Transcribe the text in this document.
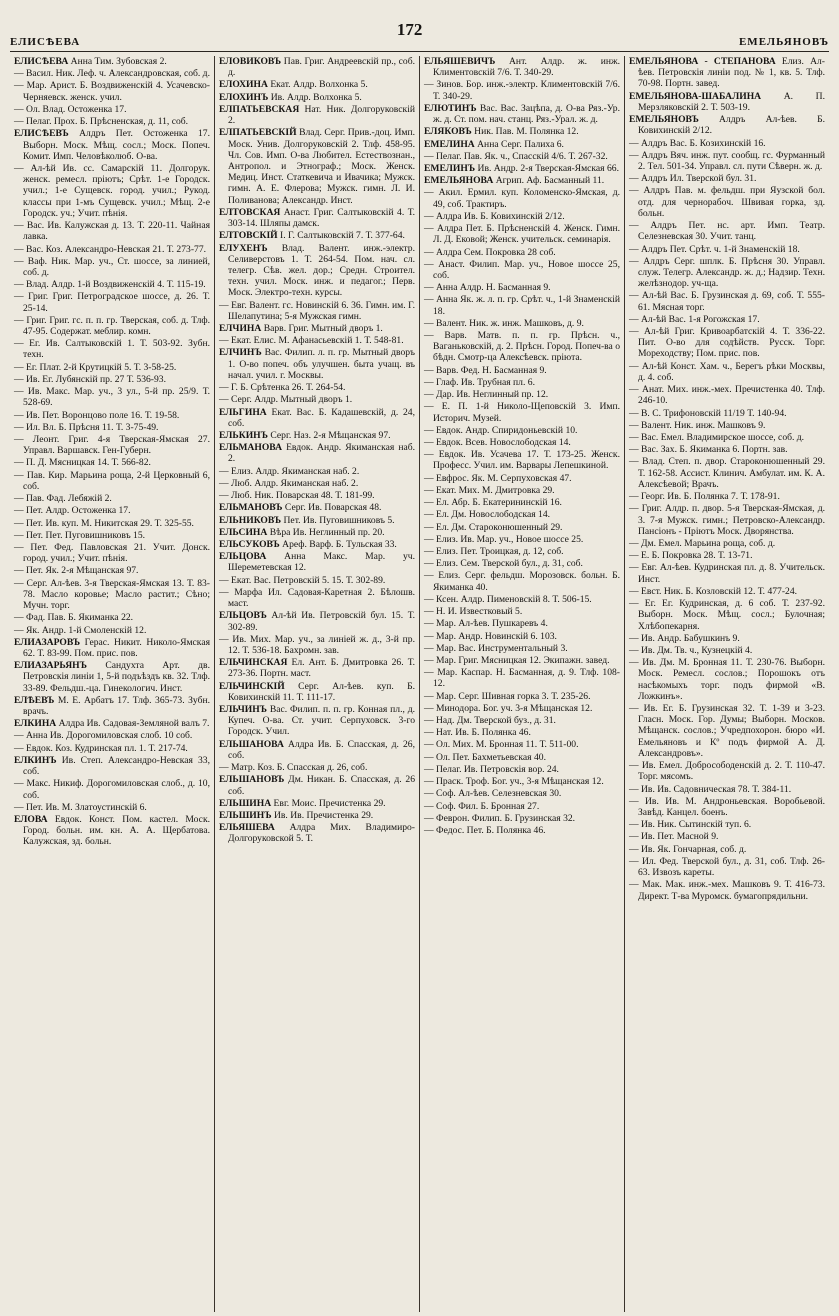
ЕЛИСѢЕВА
172
ЕМЕЛЬЯНОВЪ

ЕЛИСѢЕВА Анна Тим. Зубовская 2.

— Васил. Ник. Леф. ч. Александровская, соб. д.

— Мар. Арист. Б. Воздвиженскій 4. Усачевско-Черняевск. женск. учил.

— Ол. Влад. Остоженка 17.

— Пелаг. Прох. Б. Прѣсненская, д. 11, соб.

ЕЛИСѢЕВЪ Алдръ Пет. Остоженка 17. Выборн. Моск. Мѣщ. сосл.; Моск. Попеч. Комит. Имп. Человѣколюб. О-ва.

— Ал-ѣй Ив. сс. Самарскій 11. Долгорук. женск. ремесл. пріютъ; Срѣт. 1-е Городск. учил.; 1-е Сущевск. город. учил.; Рукод. классы при 1-мъ Сущевск. учил.; Мѣщ. 2-е Городск. уч.; Учит. пѣнія.

— Вас. Ив. Калужская д. 13. Т. 220-11. Чайная лавка.

— Вас. Коз. Александро-Невская 21. Т. 273-77.

— Ваф. Ник. Мар. уч., Ст. шоссе, за линией, соб. д.

— Влад. Алдр. 1-й Воздвиженскій 4. Т. 115-19.

— Григ. Григ. Петроградское шоссе, д. 26. Т. 25-14.

— Григ. Григ. гс. п. п. гр. Тверская, соб. д. Тлф. 47-95. Содержат. меблир. комн.

— Ег. Ив. Салтыковскій 1. Т. 503-92. Зубн. техн.

— Ег. Плат. 2-й Крутицкій 5. Т. 3-58-25.

— Ив. Ег. Лубянскій пр. 27 Т. 536-93.

— Ив. Макс. Мар. уч., 3 ул., 5-й пр. 25/9. Т. 528-69.

— Ив. Пет. Воронцово поле 16. Т. 19-58.

— Ил. Вл. Б. Прѣсня 11. Т. 3-75-49.

— Леонт. Григ. 4-я Тверская-Ямская 27. Управл. Варшавск. Ген-Губерн.

— П. Д. Мясницкая 14. Т. 566-82.

— Пав. Кир. Марьина роща, 2-й Церковный 6, соб.

— Пав. Фад. Лебяжій 2.

— Пет. Алдр. Остоженка 17.

— Пет. Ив. куп. М. Никитская 29. Т. 325-55.

— Пет. Пет. Пуговишниковъ 15.

— Пет. Фед. Павловская 21. Учит. Донск. город. учил.; Учит. пѣнія.

— Пет. Як. 2-я Мѣщанская 97.

— Серг. Ал-ѣев. 3-я Тверская-Ямская 13. Т. 83-78. Масло коровье; Масло растит.; Сѣно; Мучн. торг.

— Фад. Пав. Б. Якиманка 22.

— Як. Андр. 1-й Смоленскій 12.

ЕЛИАЗАРОВЪ Герас. Никит. Николо-Ямская 62. Т. 83-99. Пом. прис. пов.

ЕЛИАЗАРЬЯНЪ Сандухта Арт. дв. Петровскія линіи 1, 5-й подъѣздъ кв. 32. Тлф. 33-89. Фельдш.-ца. Гинекологич. Инст.

ЕЛѢЕВЪ М. Е. Арбатъ 17. Тлф. 365-73. Зубн. врачъ.

ЕЛКИНА Алдра Ив. Садовая-Земляной валъ 7.

— Анна Ив. Дорогомиловская слоб. 10 соб.

— Евдок. Коз. Кудринская пл. 1. Т. 217-74.

ЕЛКИНЪ Ив. Степ. Александро-Невская 33, соб.

— Макс. Никиф. Дорогомиловская слоб., д. 10, соб.

— Пет. Ив. М. Златоустинскій 6.

ЕЛОВА Евдок. Конст. Пом. кастел. Моск. Город. больн. им. кн. А. А. Щербатова. Калужская, зд. больн.

ЕЛОВИКОВЪ Пав. Григ. Андреевскій пр., соб. д.

ЕЛОХИНА Екат. Алдр. Волхонка 5.

ЕЛОХИНЪ Ив. Алдр. Волхонка 5.

ЕЛПАТЬЕВСКАЯ Нат. Ник. Долгоруковскій 2.

ЕЛПАТЬЕВСКІЙ Влад. Серг. Прив.-доц. Имп. Моск. Унив. Долгоруковскій 2. Тлф. 458-95. Чл. Сов. Имп. О-ва Любител. Естествознан., Антропол. и Этнограф.; Моск. Женск. Медиц. Инст. Статкевича и Ивачика; Мужск. гимн. А. Е. Флерова; Мужск. гимн. Л. И. Поливанова; Александр. Инст.

ЕЛТОВСКАЯ Анаст. Григ. Салтыковскій 4. Т. 303-14. Шляпы дамск.

ЕЛТОВСКІЙ І. Г. Салтыковскій 7. Т. 377-64.

ЕЛУХЕНЪ Влад. Валент. инж.-электр. Селиверстовъ 1. Т. 264-54. Пом. нач. сл. телегр. Сѣв. жел. дор.; Средн. Строител. техн. учил. Моск. инж. и педагог.; Перв. Моск. Электро-техн. курсы.

— Евг. Валент. гс. Новинскій 6. 36. Гимн. им. Г. Шелапутина; 5-я Мужская гимн.

ЕЛЧИНА Варв. Григ. Мытный дворъ 1.

— Екат. Елис. М. Афанасьевскій 1. Т. 548-81.

ЕЛЧИНЪ Вас. Филип. л. п. гр. Мытный дворъ 1. О-во попеч. объ улучшен. быта учащ. въ начал. учил. г. Москвы.

— Г. Б. Срѣтенка 26. Т. 264-54.

— Серг. Алдр. Мытный дворъ 1.

ЕЛЬГИНА Екат. Вас. Б. Кадашевскій, д. 24, соб.

ЕЛЬКИНЪ Серг. Наз. 2-я Мѣщанская 97.

ЕЛЬМАНОВА Евдок. Андр. Якиманская наб. 2.

— Елиз. Алдр. Якиманская наб. 2.

— Люб. Алдр. Якиманская наб. 2.

— Люб. Ник. Поварская 48. Т. 181-99.

ЕЛЬМАНОВЪ Серг. Ив. Поварская 48.

ЕЛЬНИКОВЪ Пет. Ив. Пуговишниковъ 5.

ЕЛЬСИНА Вѣра Ив. Неглинный пр. 20.

ЕЛЬСУКОВЪ Ареф. Варф. Б. Тульская 33.

ЕЛЬЦОВА Анна Макс. Мар. уч. Шереметевская 12.

— Екат. Вас. Петровскій 5. 15. Т. 302-89.

— Марфа Ил. Садовая-Каретная 2. Бѣлошв. маст.

ЕЛЬЦОВЪ Ал-ѣй Ив. Петровскій бул. 15. Т. 302-89.

— Ив. Мих. Мар. уч., за линіей ж. д., 3-й пр. 12. Т. 536-18. Бахромн. зав.

ЕЛЬЧИНСКАЯ Ел. Ант. Б. Дмитровка 26. Т. 273-36. Портн. маст.

ЕЛЬЧИНСКІЙ Серг. Ал-ѣев. куп. Б. Ковихинскій 11. Т. 111-17.

ЕЛЬЧИНЪ Вас. Филип. п. п. гр. Конная пл., д. Купеч. О-ва. Ст. учит. Серпуховск. 3-го Городск. Учил.

ЕЛЬШАНОВА Алдра Ив. Б. Спасская, д. 26, соб.

— Матр. Коз. Б. Спасская д. 26, соб.

ЕЛЬШАНОВЪ Дм. Никан. Б. Спасская, д. 26 соб.

ЕЛЬШИНА Евг. Моис. Пречистенка 29.

ЕЛЬШИНЪ Ив. Ив. Пречистенка 29.

ЕЛЬЯШЕВА Алдра Мих. Владимиро-Долгоруковской 5. Т.

ЕЛЬЯШЕВИЧЪ Ант. Алдр. ж. инж. Климентовскій 7/6. Т. 340-29.

— Зинов. Бор. инж.-электр. Климентовскій 7/6. Т. 340-29.

ЕЛЮТИНЪ Вас. Вас. Зацѣпа, д. О-ва Ряз.-Ур. ж. д. Ст. пом. нач. станц. Ряз.-Урал. ж. д.

ЕЛЯКОВЪ Ник. Пав. М. Полянка 12.

ЕМЕЛИНА Анна Серг. Палиха 6.

— Пелаг. Пав. Як. ч., Спасскій 4/6. Т. 267-32.

ЕМЕЛИНЪ Ив. Андр. 2-я Тверская-Ямская 66.

ЕМЕЛЬЯНОВА Агрип. Аф. Басманный 11.

— Акил. Ермил. куп. Коломенско-Ямская, д. 49, соб. Трактиръ.

— Алдра Ив. Б. Ковихинскій 2/12.

— Алдра Пет. Б. Прѣсненскій 4. Женск. Гимн. Л. Д. Ековой; Женск. учительск. семинарія.

— Алдра Сем. Покровка 28 соб.

— Анаст. Филип. Мар. уч., Новое шоссе 25, соб.

— Анна Алдр. Н. Басманная 9.

— Анна Як. ж. л. п. гр. Срѣт. ч., 1-й Знаменскій 18.

— Валент. Ник. ж. инж. Машковъ, д. 9.

— Варв. Матв. п. п. гр. Прѣсн. ч., Ваганьковскій, д. 2. Прѣсн. Город. Попеч-ва о бѣдн. Смотр-ца Алексѣевск. пріюта.

— Варв. Фед. Н. Басманная 9.

— Глаф. Ив. Трубная пл. 6.

— Дар. Ив. Неглинный пр. 12.

— Е. П. 1-й Николо-Щеповскій 3. Имп. Историч. Музей.

— Евдок. Андр. Спиридоньевскій 10.

— Евдок. Всев. Новослободская 14.

— Евдок. Ив. Усачева 17. Т. 173-25. Женск. Професс. Учил. им. Варвары Лепешкиной.

— Евфрос. Як. М. Серпуховская 47.

— Екат. Мих. М. Дмитровка 29.

— Ел. Абр. Б. Екатерининскій 16.

— Ел. Дм. Новослободская 14.

— Ел. Дм. Староконюшенный 29.

— Елиз. Ив. Мар. уч., Новое шоссе 25.

— Елиз. Пет. Троицкая, д. 12, соб.

— Елиз. Сем. Тверской бул., д. 31, соб.

— Елиз. Серг. фельдш. Морозовск. больн. Б. Якиманка 40.

— Ксен. Алдр. Пименовскій 8. Т. 506-15.

— Н. И. Известковый 5.

— Мар. Ал-ѣев. Пушкаревъ 4.

— Мар. Андр. Новинскій 6. 103.

— Мар. Вас. Инструментальный 3.

— Мар. Григ. Мясницкая 12. Экипажн. завед.

— Мар. Каспар. Н. Басманная, д. 9. Тлф. 108-12.

— Мар. Серг. Шивная горка 3. Т. 235-26.

— Минодора. Бог. уч. 3-я Мѣщанская 12.

— Над. Дм. Тверской буз., д. 31.

— Нат. Ив. Б. Полянка 46.

— Ол. Мих. М. Бронная 11. Т. 511-00.

— Ол. Пет. Бахметьевская 40.

— Пелаг. Ив. Петровскія вор. 24.

— Праск. Троф. Бог. уч., 3-я Мѣщанская 12.

— Соф. Ал-ѣев. Селезневская 30.

— Соф. Фил. Б. Бронная 27.

— Феврон. Филип. Б. Грузинская 32.

— Федос. Пет. Б. Полянка 46.

ЕМЕЛЬЯНОВА - СТЕПАНОВА Елиз. Ал-ѣев. Петровскія линіи под. № 1, кв. 5. Тлф. 70-98. Портн. завед.

ЕМЕЛЬЯНОВА-ШАБАЛИНА А. П. Мерзляковскій 2. Т. 503-19.

ЕМЕЛЬЯНОВЪ Алдръ Ал-ѣев. Б. Ковихинскій 2/12.

— Алдръ Вас. Б. Козихинскій 16.

— Алдръ Вяч. инж. пут. сообщ. гс. Фурманный 2. Тел. 501-34. Управл. сл. пути Сѣверн. ж. д.

— Алдръ Ил. Тверской бул. 31.

— Алдръ Пав. м. фельдш. при Яузской бол. отд. для чернорабоч. Швивая горка, зд. больн.

— Алдръ Пет. нс. арт. Имп. Театр. Селезневская 30. Учит. танц.

— Алдръ Пет. Срѣт. ч. 1-й Знаменскій 18.

— Алдръ Серг. шплк. Б. Прѣсня 30. Управл. служ. Телегр. Александр. ж. д.; Надзир. Техн. желѣзнодор. уч-ща.

— Ал-ѣй Вас. Б. Грузинская д. 69, соб. Т. 555-61. Мясная торг.

— Ал-ѣй Вас. 1-я Рогожская 17.

— Ал-ѣй Григ. Кривоарбатскій 4. Т. 336-22. Пит. О-во для содѣйств. Русск. Торг. Мореходству; Пом. прис. пов.

— Ал-ѣй Конст. Хам. ч., Берегъ рѣки Москвы, д. 4. соб.

— Анат. Мих. инж.-мех. Пречистенка 40. Тлф. 246-10.

— В. С. Трифоновскій 11/19 Т. 140-94.

— Валент. Ник. инж. Машковъ 9.

— Вас. Емел. Владимирское шоссе, соб. д.

— Вас. Зах. Б. Якиманка 6. Портн. зав.

— Влад. Степ. п. двор. Староконюшенный 29. Т. 162-58. Ассист. Клинич. Амбулат. им. К. А. Алексѣевой; Врачъ.

— Георг. Ив. Б. Полянка 7. Т. 178-91.

— Григ. Алдр. п. двор. 5-я Тверская-Ямская, д. 3. 7-я Мужск. гимн.; Петровско-Александр. Пансіонъ - Пріютъ Моск. Дворянства.

— Дм. Емел. Марьина роща, соб. д.

— Е. Б. Покровка 28. Т. 13-71.

— Евг. Ал-ѣев. Кудринская пл. д. 8. Учительск. Инст.

— Евст. Ник. Б. Козловскій 12. Т. 477-24.

— Ег. Ег. Кудринская, д. 6 соб. Т. 237-92. Выборн. Моск. Мѣщ. сосл.; Булочная; Хлѣбопекарня.

— Ив. Андр. Бабушкинъ 9.

— Ив. Дм. Тв. ч., Кузнецкій 4.

— Ив. Дм. М. Бронная 11. Т. 230-76. Выборн. Моск. Ремесл. сослов.; Порошокъ отъ насѣкомыхъ торг. подъ фирмой «В. Ложкинъ».

— Ив. Ег. Б. Грузинская 32. Т. 1-39 и 3-23. Гласн. Моск. Гор. Думы; Выборн. Москов. Мѣщанск. сослов.; Учредпохорон. бюро «И. Емельяновъ и Кº подъ фирмой А. Д. Александровъ».

— Ив. Емел. Добросободенскій д. 2. Т. 110-47. Торг. мясомъ.

— Ив. Ив. Садовническая 78. Т. 384-11.

— Ив. Ив. М. Андроньевская. Воробьевой. Завѣд. Канцел. боенъ.

— Ив. Ник. Сытинскій туп. 6.

— Ив. Пет. Масной 9.

— Ив. Як. Гончарная, соб. д.

— Ил. Фед. Тверской бул., д. 31, соб. Тлф. 26-63. Извозъ кареты.

— Мак. Мак. инж.-мех. Машковъ 9. Т. 416-73. Директ. Т-ва Муромск. бумагопрядильни.
